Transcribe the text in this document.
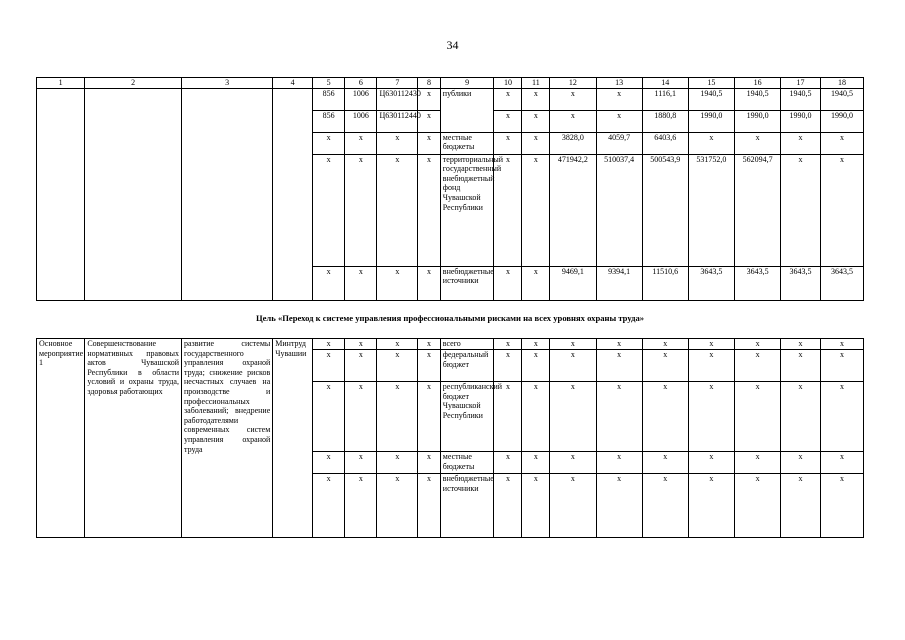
34
1	2	3	4	5	6	7	8	9	10	11	12	13	14	15	16	17	18
				856	1006	Ц630112430	х	публики	х	х	х	х	1116,1	1940,5	1940,5	1940,5	1940,5
				856	1006	Ц630112440	х		х	х	х	х	1880,8	1990,0	1990,0	1990,0	1990,0
				х	х	х	х	местные бюджеты	х	х	3828,0	4059,7	6403,6	х	х	х	х
				х	х	х	х	территориальный государственный внебюджетный фонд Чувашской Республики	х	х	471942,2	510037,4	500543,9	531752,0	562094,7	х	х
				х	х	х	х	внебюджетные источники	х	х	9469,1	9394,1	11510,6	3643,5	3643,5	3643,5	3643,5
Цель «Переход к системе управления профессиональными рисками на всех уровнях охраны труда»
Основное мероприятие 1	Совершенствование нормативных правовых актов Чувашской Республики в области условий и охраны труда, здоровья работающих	развитие системы государственного управления охраной труда; снижение рисков несчастных случаев на производстве и профессиональных заболеваний; внедрение работодателями современных систем управления охраной труда	Минтруд Чувашии	х	х	х	х	всего	х	х	х	х	х	х	х	х	х
				х	х	х	х	федеральный бюджет	х	х	х	х	х	х	х	х	х
				х	х	х	х	республиканский бюджет Чувашской Республики	х	х	х	х	х	х	х	х	х
				х	х	х	х	местные бюджеты	х	х	х	х	х	х	х	х	х
				х	х	х	х	внебюджетные источники	х	х	х	х	х	х	х	х	х
